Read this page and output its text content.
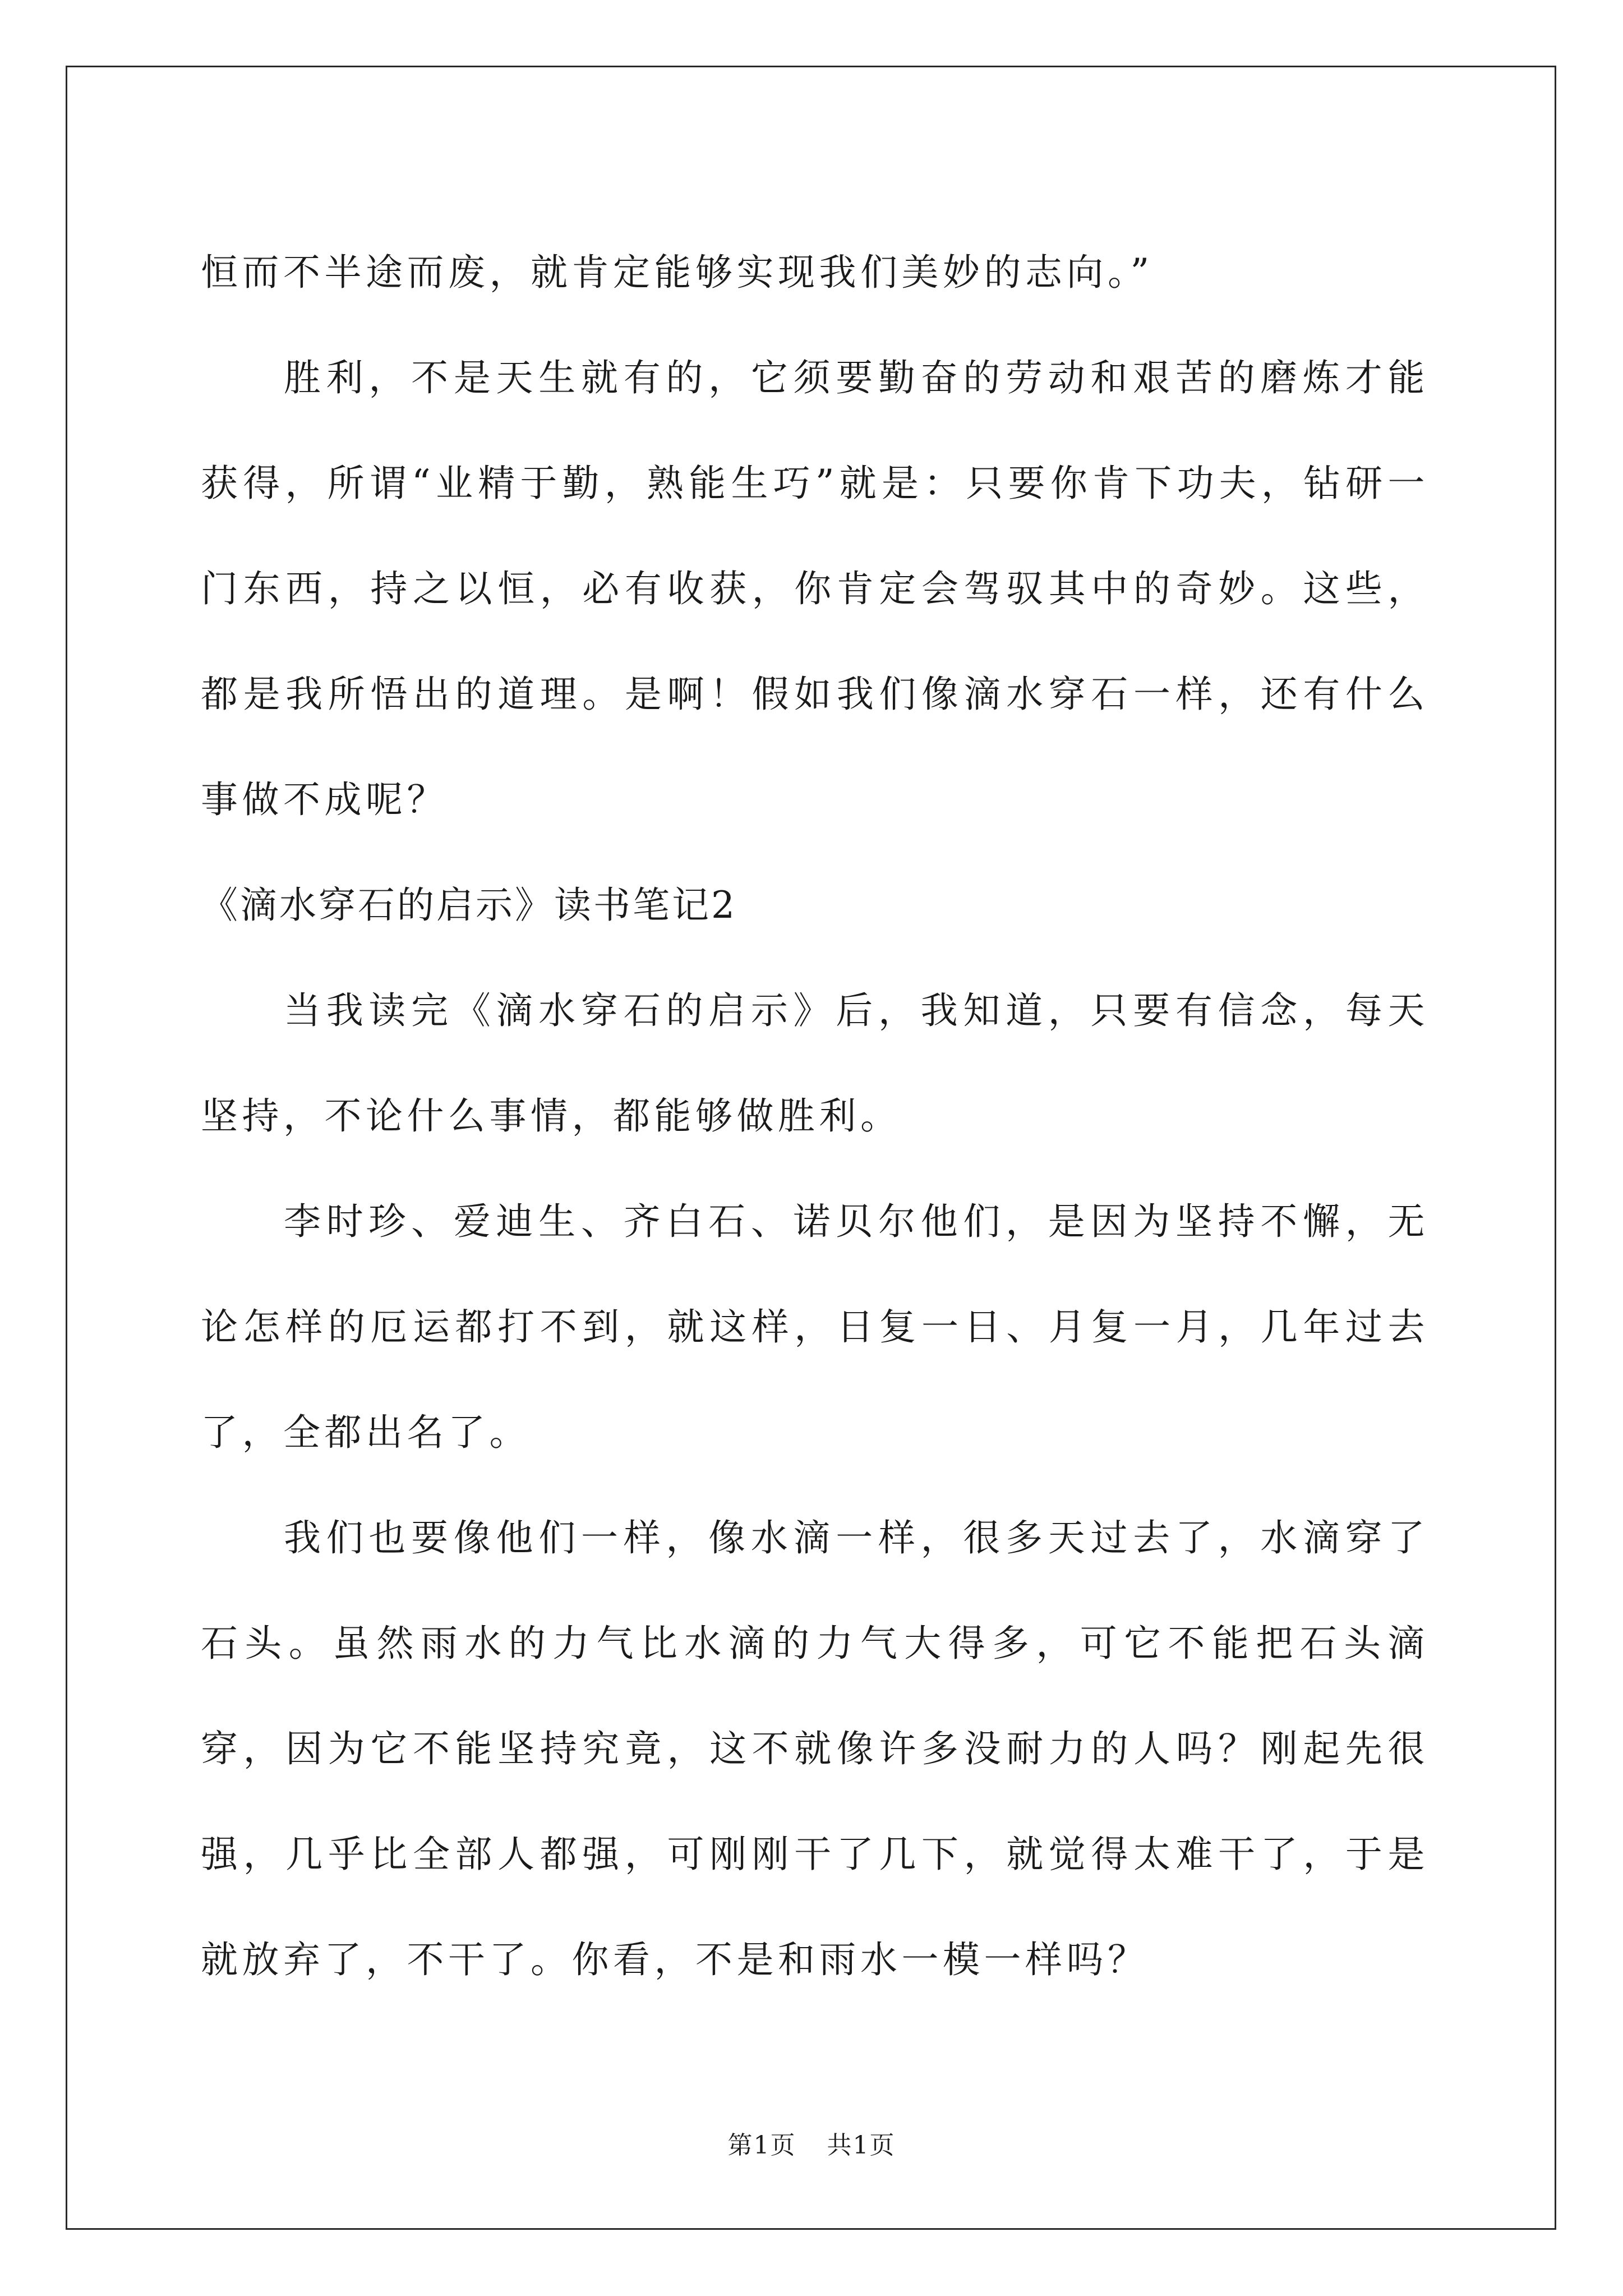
恒而不半途而废，就肯定能够实现我们美妙的志向。”

胜利，不是天生就有的，它须要勤奋的劳动和艰苦的磨炼才能获得，所谓“业精于勤，熟能生巧”就是：只要你肯下功夫，钻研一门东西，持之以恒，必有收获，你肯定会驾驭其中的奇妙。这些，都是我所悟出的道理。是啊！假如我们像滴水穿石一样，还有什么事做不成呢？

《滴水穿石的启示》读书笔记2

当我读完《滴水穿石的启示》后，我知道，只要有信念，每天坚持，不论什么事情，都能够做胜利。

李时珍、爱迪生、齐白石、诺贝尔他们，是因为坚持不懈，无论怎样的厄运都打不到，就这样，日复一日、月复一月，几年过去了，全都出名了。

我们也要像他们一样，像水滴一样，很多天过去了，水滴穿了石头。虽然雨水的力气比水滴的力气大得多，可它不能把石头滴穿，因为它不能坚持究竟，这不就像许多没耐力的人吗？刚起先很强，几乎比全部人都强，可刚刚干了几下，就觉得太难干了，于是就放弃了，不干了。你看，不是和雨水一模一样吗？

第1页 共1页
